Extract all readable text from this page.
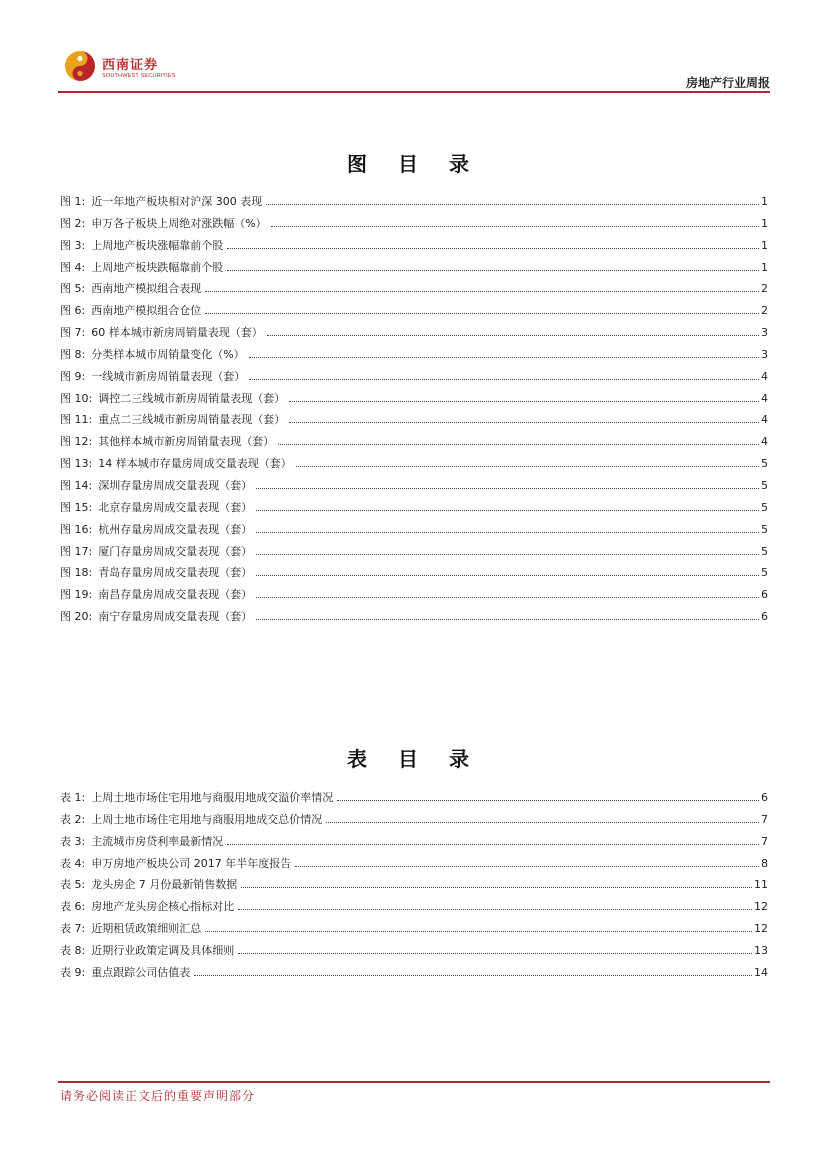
西南证券
SOUTHWEST SECURITIES	房地产行业周报
图 目 录
图 1: 近一年地产板块相对沪深 300 表现	1
图 2: 申万各子板块上周绝对涨跌幅（%）	1
图 3: 上周地产板块涨幅靠前个股	1
图 4: 上周地产板块跌幅靠前个股	1
图 5: 西南地产模拟组合表现	2
图 6: 西南地产模拟组合仓位	2
图 7: 60 样本城市新房周销量表现（套）	3
图 8: 分类样本城市周销量变化（%）	3
图 9: 一线城市新房周销量表现（套）	4
图 10: 调控二三线城市新房周销量表现（套）	4
图 11: 重点二三线城市新房周销量表现（套）	4
图 12: 其他样本城市新房周销量表现（套）	4
图 13: 14 样本城市存量房周成交量表现（套）	5
图 14: 深圳存量房周成交量表现（套）	5
图 15: 北京存量房周成交量表现（套）	5
图 16: 杭州存量房周成交量表现（套）	5
图 17: 厦门存量房周成交量表现（套）	5
图 18: 青岛存量房周成交量表现（套）	5
图 19: 南昌存量房周成交量表现（套）	6
图 20: 南宁存量房周成交量表现（套）	6
表 目 录
表 1: 上周土地市场住宅用地与商服用地成交溢价率情况	6
表 2: 上周土地市场住宅用地与商服用地成交总价情况	7
表 3: 主流城市房贷利率最新情况	7
表 4: 申万房地产板块公司 2017 年半年度报告	8
表 5: 龙头房企 7 月份最新销售数据	11
表 6: 房地产龙头房企核心指标对比	12
表 7: 近期租赁政策细则汇总	12
表 8: 近期行业政策定调及具体细则	13
表 9: 重点跟踪公司估值表	14
请务必阅读正文后的重要声明部分
